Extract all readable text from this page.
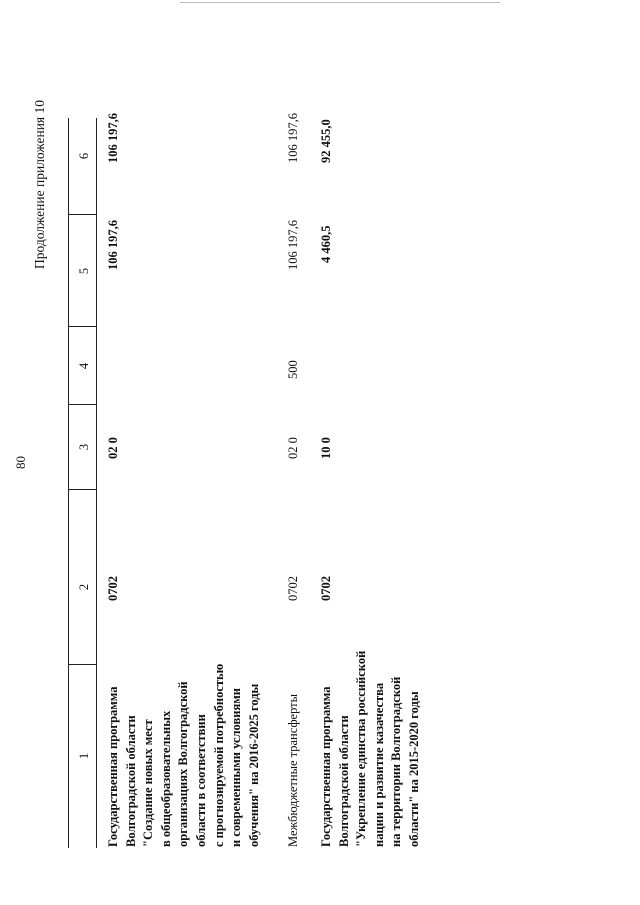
80
Продолжение приложения 10
1
2
3
4
5
6
Государственная программа Волгоградской области "Создание новых мест в общеобразовательных организациях Волгоградской области в соответствии с прогнозируемой потребностью и современными условиями обучения" на 2016-2025 годы
0702
02 0
106 197,6
106 197,6
Межбюджетные трансферты
0702
02 0
500
106 197,6
106 197,6
Государственная программа Волгоградской области "Укрепление единства российской нации и развитие казачества на территории Волгоградской области" на 2015-2020 годы
0702
10 0
4 460,5
92 455,0
